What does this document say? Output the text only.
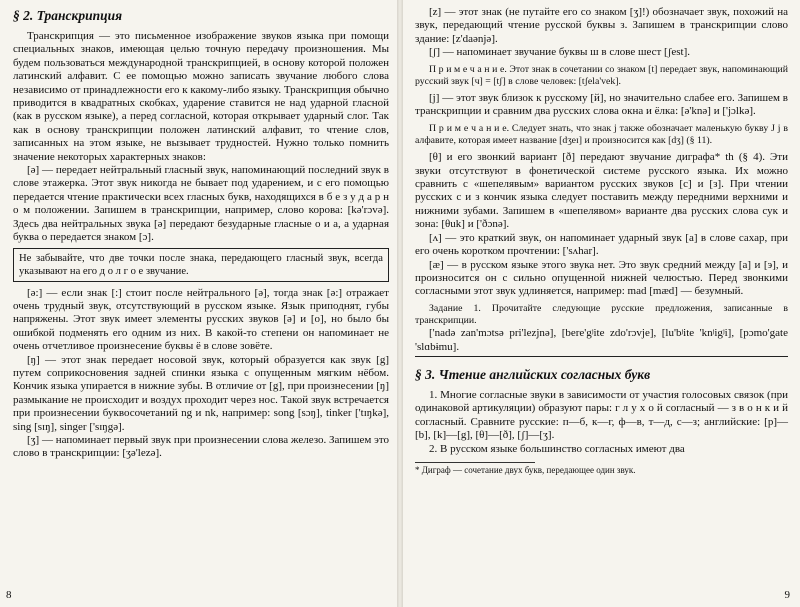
§ 2. Транскрипция

Транскрипция — это письменное изображение звуков языка при помощи специальных знаков, имеющая целью точную передачу произношения. Мы будем пользоваться международной транскрипцией, в основу которой положен латинский алфавит. С ее помощью можно записать звучание любого слова независимо от принадлежности его к какому-либо языку. Транскрипция обычно приводится в квадратных скобках, ударение ставится не над ударной гласной (как в русском языке), а перед согласной, которая открывает ударный слог. Так как в основу транскрипции положен латинский алфавит, то чтение слов, записанных на этом языке, не вызывает трудностей. Нужно только помнить значение некоторых характерных знаков:

[ə] — передает нейтральный гласный звук, напоминающий последний звук в слове этажерка. Этот звук никогда не бывает под ударением, и с его помощью передается чтение практически всех гласных букв, находящихся в б е з у д а р н о м положении. Запишем в транскрипции, например, слово корова: [kə'rɔvə]. Здесь два нейтральных звука [ə] передают безударные гласные о и а, а ударная буква о передается знаком [ɔ].

Не забывайте, что две точки после знака, передающего гласный звук, всегда указывают на его д о л г о е звучание.

[ə:] — если знак [:] стоит после нейтрального [ə], тогда знак [ə:] отражает очень трудный звук, отсутствующий в русском языке. Язык приподнят, губы напряжены. Этот звук имеет элементы русских звуков [ə] и [о], но было бы ошибкой подменять его одним из них. В какой-то степени он напоминает не очень отчетливое произнесение буквы ё в слове зовёте.

[ŋ] — этот знак передает носовой звук, который образуется как звук [g] путем соприкосновения задней спинки языка с опущенным мягким нёбом. Кончик языка упирается в нижние зубы. В отличие от [g], при произнесении [ŋ] размыкание не происходит и воздух проходит через нос. Такой звук встречается при произнесении буквосочетаний ng и nk, например: song [sɔŋ], tinker ['tɪŋkə], sing [sɪŋ], singer ['sɪŋgə].

[ʒ] — напоминает первый звук при произнесении слова железо. Запишем это слово в транскрипции: [ʒə'lezə].

8

[z] — этот знак (не путайте его со знаком [ʒ]!) обозначает звук, похожий на звук, передающий чтение русской буквы з. Запишем в транскрипции слово здание: [z'daənjə].

[ʃ] — напоминает звучание буквы ш в слове шест [ʃest].

П р и м е ч а н и е. Этот знак в сочетании со знаком [t] передает звук, напоминающий русский звук [ч] = [tʃ] в слове человек: [tʃela'vek].

[j] — этот звук близок к русскому [й], но значительно слабее его. Запишем в транскрипции и сравним два русских слова окна и ёлка: [ə'knə] и ['jɔlkə].

П р и м е ч а н и е. Следует знать, что знак j также обозначает маленькую букву J j в алфавите, которая имеет название [dʒeɪ] и произносится как [dʒ] (§ 11).

[θ] и его звонкий вариант [ð] передают звучание диграфа* th (§ 4). Эти звуки отсутствуют в фонетической системе русского языка. Их можно сравнить с «шепелявым» вариантом русских звуков [с] и [з]. При чтении русских с и з кончик языка следует поставить между передними верхними и нижними зубами. Запишем в «шепелявом» варианте два русских слова сук и зона: [θuk] и ['ðɔnə].

[ʌ] — это краткий звук, он напоминает ударный звук [а] в слове сахар, при его очень коротком прочтении: ['sʌhar].

[æ] — в русском языке этого звука нет. Это звук средний между [а] и [э], и произносится он с сильно опущенной нижней челюстью. Перед звонкими согласными этот звук удлиняется, например: mad [mæd] — безумный.

Задание 1. Прочитайте следующие русские предложения, записанные в транскрипции.

['nadə zan'mɔtsə pri'lezjnə], [bere'gʲite zdo'rɔvje], [lu'bʲite 'knʲigʲi], [pɔmo'gate 'slɑbɨmu].

§ 3. Чтение английских согласных букв

1. Многие согласные звуки в зависимости от участия голосовых связок (при одинаковой артикуляции) образуют пары: г л у х о й согласный — з в о н к и й согласный. Сравните русские: п—б, к—г, ф—в, т—д, с—з; английские: [p]—[b], [k]—[g], [θ]—[ð], [ʃ]—[ʒ].

2. В русском языке большинство согласных имеют два

* Диграф — сочетание двух букв, передающее один звук.
9
